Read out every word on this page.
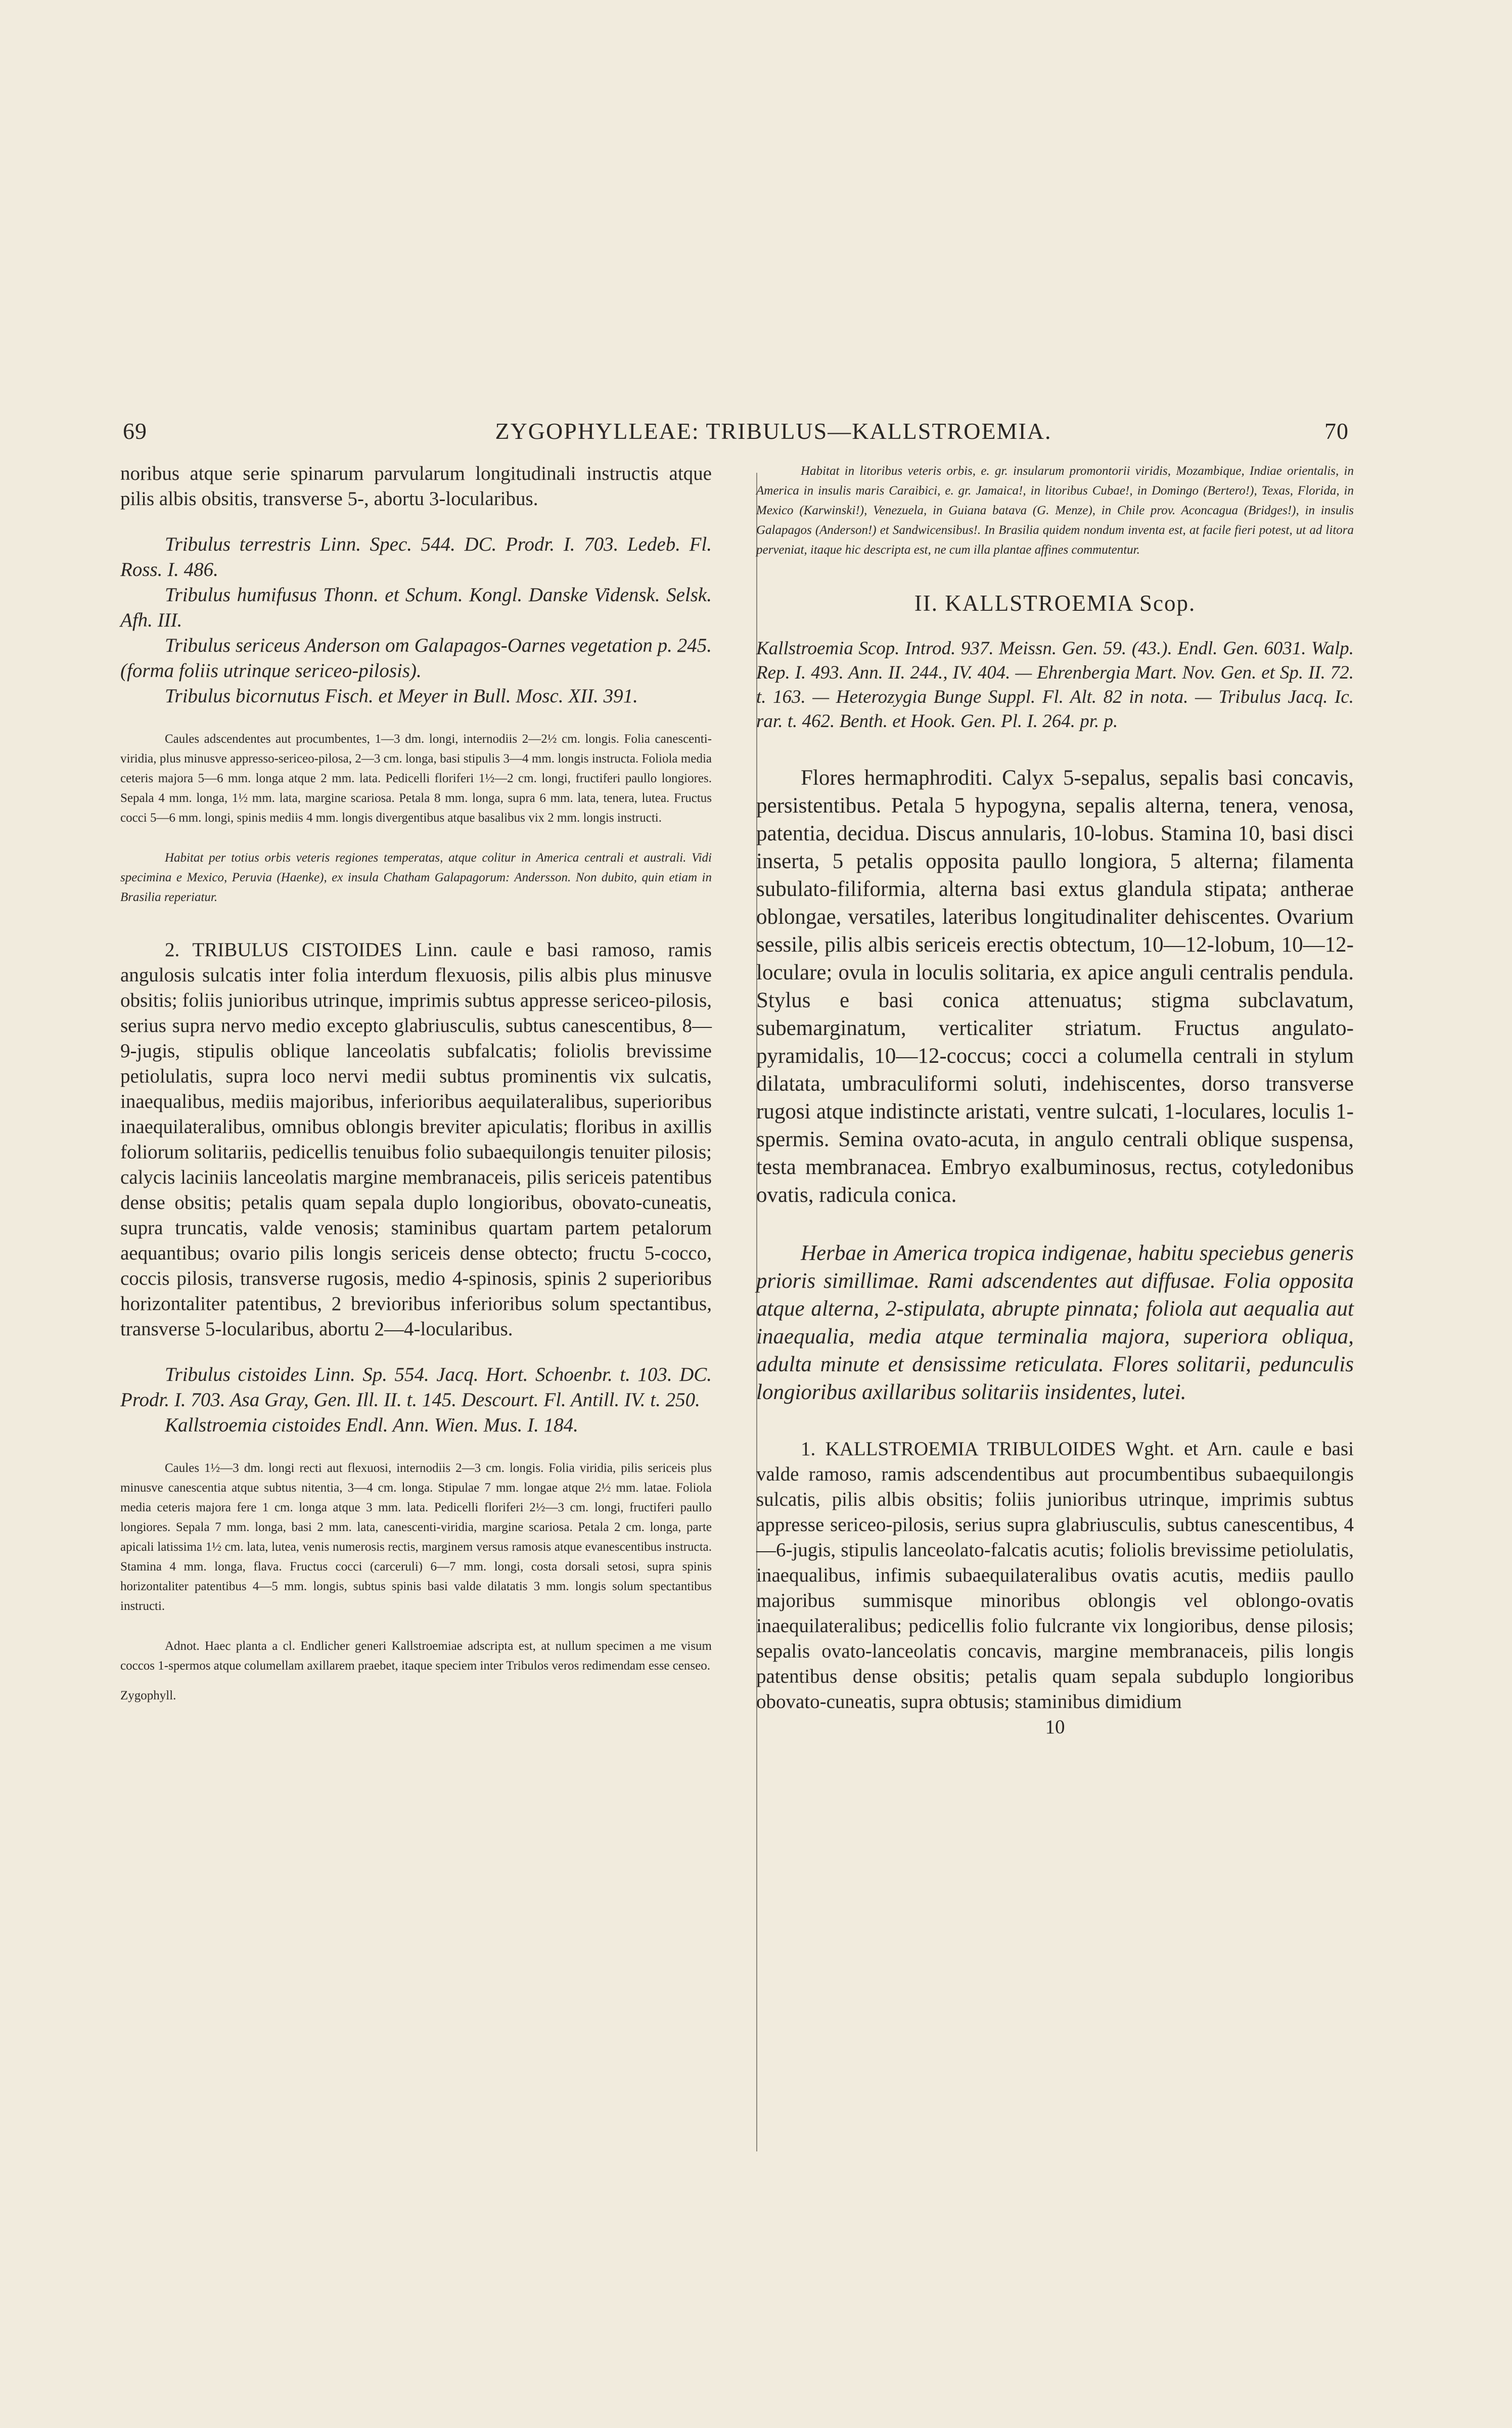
69	ZYGOPHYLLEAE: TRIBULUS—KALLSTROEMIA.	70

noribus atque serie spinarum parvularum longitudinali instructis atque pilis albis obsitis, transverse 5-, abortu 3-locularibus.

Tribulus terrestris Linn. Spec. 544. DC. Prodr. I. 703. Ledeb. Fl. Ross. I. 486.

Tribulus humifusus Thonn. et Schum. Kongl. Danske Vidensk. Selsk. Afh. III.

Tribulus sericeus Anderson om Galapagos-Oarnes vegetation p. 245. (forma foliis utrinque sericeo-pilosis).

Tribulus bicornutus Fisch. et Meyer in Bull. Mosc. XII. 391.

Caules adscendentes aut procumbentes, 1—3 dm. longi, internodiis 2—2½ cm. longis. Folia canescenti-viridia, plus minusve appresso-sericeo-pilosa, 2—3 cm. longa, basi stipulis 3—4 mm. longis instructa. Foliola media ceteris majora 5—6 mm. longa atque 2 mm. lata. Pedicelli floriferi 1½—2 cm. longi, fructiferi paullo longiores. Sepala 4 mm. longa, 1½ mm. lata, margine scariosa. Petala 8 mm. longa, supra 6 mm. lata, tenera, lutea. Fructus cocci 5—6 mm. longi, spinis mediis 4 mm. longis divergentibus atque basalibus vix 2 mm. longis instructi.

Habitat per totius orbis veteris regiones temperatas, atque colitur in America centrali et australi. Vidi specimina e Mexico, Peruvia (Haenke), ex insula Chatham Galapagorum: Andersson. Non dubito, quin etiam in Brasilia reperiatur.

2. TRIBULUS CISTOIDES Linn. caule e basi ramoso, ramis angulosis sulcatis inter folia interdum flexuosis, pilis albis plus minusve obsitis; foliis junioribus utrinque, imprimis subtus appresse sericeo-pilosis, serius supra nervo medio excepto glabriusculis, subtus canescentibus, 8—9-jugis, stipulis oblique lanceolatis subfalcatis; foliolis brevissime petiolulatis, supra loco nervi medii subtus prominentis vix sulcatis, inaequalibus, mediis majoribus, inferioribus aequilateralibus, superioribus inaequilateralibus, omnibus oblongis breviter apiculatis; floribus in axillis foliorum solitariis, pedicellis tenuibus folio subaequilongis tenuiter pilosis; calycis laciniis lanceolatis margine membranaceis, pilis sericeis patentibus dense obsitis; petalis quam sepala duplo longioribus, obovato-cuneatis, supra truncatis, valde venosis; staminibus quartam partem petalorum aequantibus; ovario pilis longis sericeis dense obtecto; fructu 5-cocco, coccis pilosis, transverse rugosis, medio 4-spinosis, spinis 2 superioribus horizontaliter patentibus, 2 brevioribus inferioribus solum spectantibus, transverse 5-locularibus, abortu 2—4-locularibus.

Tribulus cistoides Linn. Sp. 554. Jacq. Hort. Schoenbr. t. 103. DC. Prodr. I. 703. Asa Gray, Gen. Ill. II. t. 145. Descourt. Fl. Antill. IV. t. 250.

Kallstroemia cistoides Endl. Ann. Wien. Mus. I. 184.

Caules 1½—3 dm. longi recti aut flexuosi, internodiis 2—3 cm. longis. Folia viridia, pilis sericeis plus minusve canescentia atque subtus nitentia, 3—4 cm. longa. Stipulae 7 mm. longae atque 2½ mm. latae. Foliola media ceteris majora fere 1 cm. longa atque 3 mm. lata. Pedicelli floriferi 2½—3 cm. longi, fructiferi paullo longiores. Sepala 7 mm. longa, basi 2 mm. lata, canescenti-viridia, margine scariosa. Petala 2 cm. longa, parte apicali latissima 1½ cm. lata, lutea, venis numerosis rectis, marginem versus ramosis atque evanescentibus instructa. Stamina 4 mm. longa, flava. Fructus cocci (carceruli) 6—7 mm. longi, costa dorsali setosi, supra spinis horizontaliter patentibus 4—5 mm. longis, subtus spinis basi valde dilatatis 3 mm. longis solum spectantibus instructi.

Adnot. Haec planta a cl. Endlicher generi Kallstroemiae adscripta est, at nullum specimen a me visum coccos 1-spermos atque columellam axillarem praebet, itaque speciem inter Tribulos veros redimendam esse censeo.

Zygophyll.

Habitat in litoribus veteris orbis, e. gr. insularum promontorii viridis, Mozambique, Indiae orientalis, in America in insulis maris Caraibici, e. gr. Jamaica!, in litoribus Cubae!, in Domingo (Bertero!), Texas, Florida, in Mexico (Karwinski!), Venezuela, in Guiana batava (G. Menze), in Chile prov. Aconcagua (Bridges!), in insulis Galapagos (Anderson!) et Sandwicensibus!. In Brasilia quidem nondum inventa est, at facile fieri potest, ut ad litora perveniat, itaque hic descripta est, ne cum illa plantae affines commutentur.

II. KALLSTROEMIA Scop.

Kallstroemia Scop. Introd. 937. Meissn. Gen. 59. (43.). Endl. Gen. 6031. Walp. Rep. I. 493. Ann. II. 244., IV. 404. — Ehrenbergia Mart. Nov. Gen. et Sp. II. 72. t. 163. — Heterozygia Bunge Suppl. Fl. Alt. 82 in nota. — Tribulus Jacq. Ic. rar. t. 462. Benth. et Hook. Gen. Pl. I. 264. pr. p.

Flores hermaphroditi. Calyx 5-sepalus, sepalis basi concavis, persistentibus. Petala 5 hypogyna, sepalis alterna, tenera, venosa, patentia, decidua. Discus annularis, 10-lobus. Stamina 10, basi disci inserta, 5 petalis opposita paullo longiora, 5 alterna; filamenta subulato-filiformia, alterna basi extus glandula stipata; antherae oblongae, versatiles, lateribus longitudinaliter dehiscentes. Ovarium sessile, pilis albis sericeis erectis obtectum, 10—12-lobum, 10—12-loculare; ovula in loculis solitaria, ex apice anguli centralis pendula. Stylus e basi conica attenuatus; stigma subclavatum, subemarginatum, verticaliter striatum. Fructus angulato-pyramidalis, 10—12-coccus; cocci a columella centrali in stylum dilatata, umbraculiformi soluti, indehiscentes, dorso transverse rugosi atque indistincte aristati, ventre sulcati, 1-loculares, loculis 1-spermis. Semina ovato-acuta, in angulo centrali oblique suspensa, testa membranacea. Embryo exalbuminosus, rectus, cotyledonibus ovatis, radicula conica.

Herbae in America tropica indigenae, habitu speciebus generis prioris simillimae. Rami adscendentes aut diffusae. Folia opposita atque alterna, 2-stipulata, abrupte pinnata; foliola aut aequalia aut inaequalia, media atque terminalia majora, superiora obliqua, adulta minute et densissime reticulata. Flores solitarii, pedunculis longioribus axillaribus solitariis insidentes, lutei.

1. KALLSTROEMIA TRIBULOIDES Wght. et Arn. caule e basi valde ramoso, ramis adscendentibus aut procumbentibus subaequilongis sulcatis, pilis albis obsitis; foliis junioribus utrinque, imprimis subtus appresse sericeo-pilosis, serius supra glabriusculis, subtus canescentibus, 4—6-jugis, stipulis lanceolato-falcatis acutis; foliolis brevissime petiolulatis, inaequalibus, infimis subaequilateralibus ovatis acutis, mediis paullo majoribus summisque minoribus oblongis vel oblongo-ovatis inaequilateralibus; pedicellis folio fulcrante vix longioribus, dense pilosis; sepalis ovato-lanceolatis concavis, margine membranaceis, pilis longis patentibus dense obsitis; petalis quam sepala subduplo longioribus obovato-cuneatis, supra obtusis; staminibus dimidium

10
